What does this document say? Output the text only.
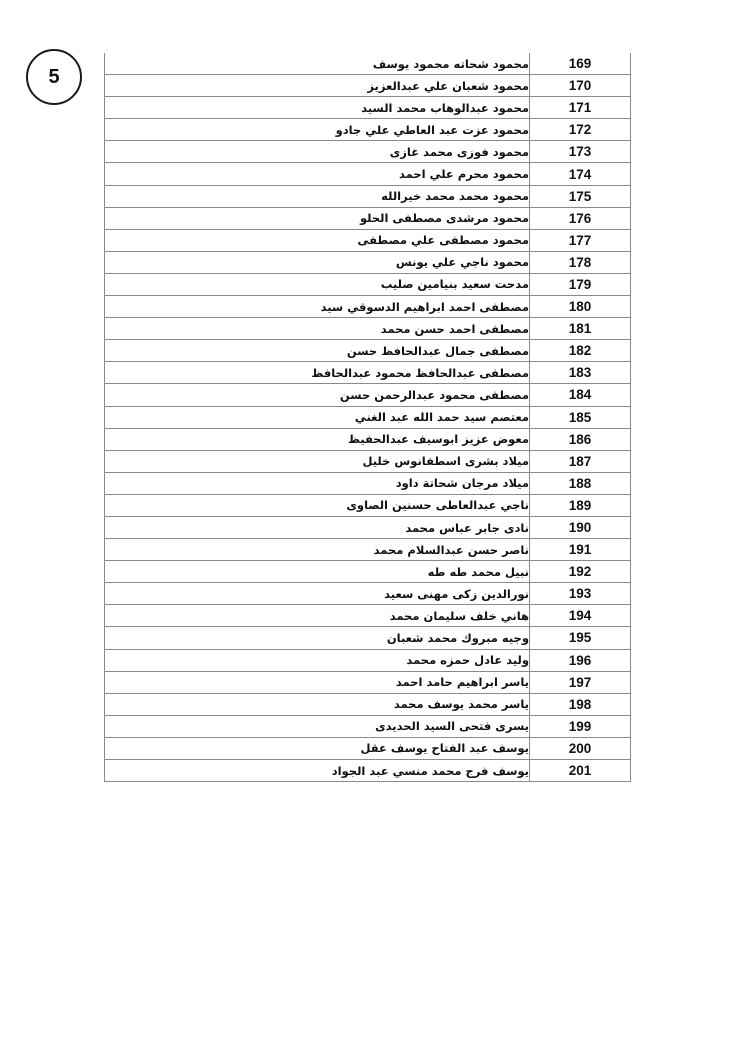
5
محمود شحاته محمود يوسف	169
محمود شعبان علي عبدالعزيز	170
محمود عبدالوهاب محمد السيد	171
محمود عزت عبد العاطي علي جادو	172
محمود فوزى محمد غازى	173
محمود محرم علي احمد	174
محمود محمد محمد خيرالله	175
محمود مرشدى مصطفى الحلو	176
محمود مصطفى علي مصطفى	177
محمود ناجي علي يونس	178
مدحت سعيد بنيامين صليب	179
مصطفى احمد ابراهيم الدسوقي سيد	180
مصطفى احمد حسن محمد	181
مصطفى جمال عبدالحافظ حسن	182
مصطفى عبدالحافظ محمود عبدالحافظ	183
مصطفى محمود عبدالرحمن حسن	184
معتصم سيد حمد الله عبد الغني	185
معوض عزيز ابوسيف عبدالحفيظ	186
ميلاد بشرى اسطفانوس خليل	187
ميلاد مرجان شحاتة داود	188
ناجي عبدالعاطى حسنين الصاوى	189
نادى جابر عباس محمد	190
ناصر حسن عبدالسلام محمد	191
نبيل محمد طه طه	192
نورالدين زكى مهنى سعيد	193
هاني خلف سليمان محمد	194
وجيه مبروك محمد شعبان	195
وليد عادل حمزه محمد	196
ياسر ابراهيم حامد احمد	197
ياسر محمد يوسف محمد	198
يسرى فتحى السيد الحديدى	199
يوسف عبد الفتاح يوسف عقل	200
يوسف فرج محمد منسي عبد الجواد	201
